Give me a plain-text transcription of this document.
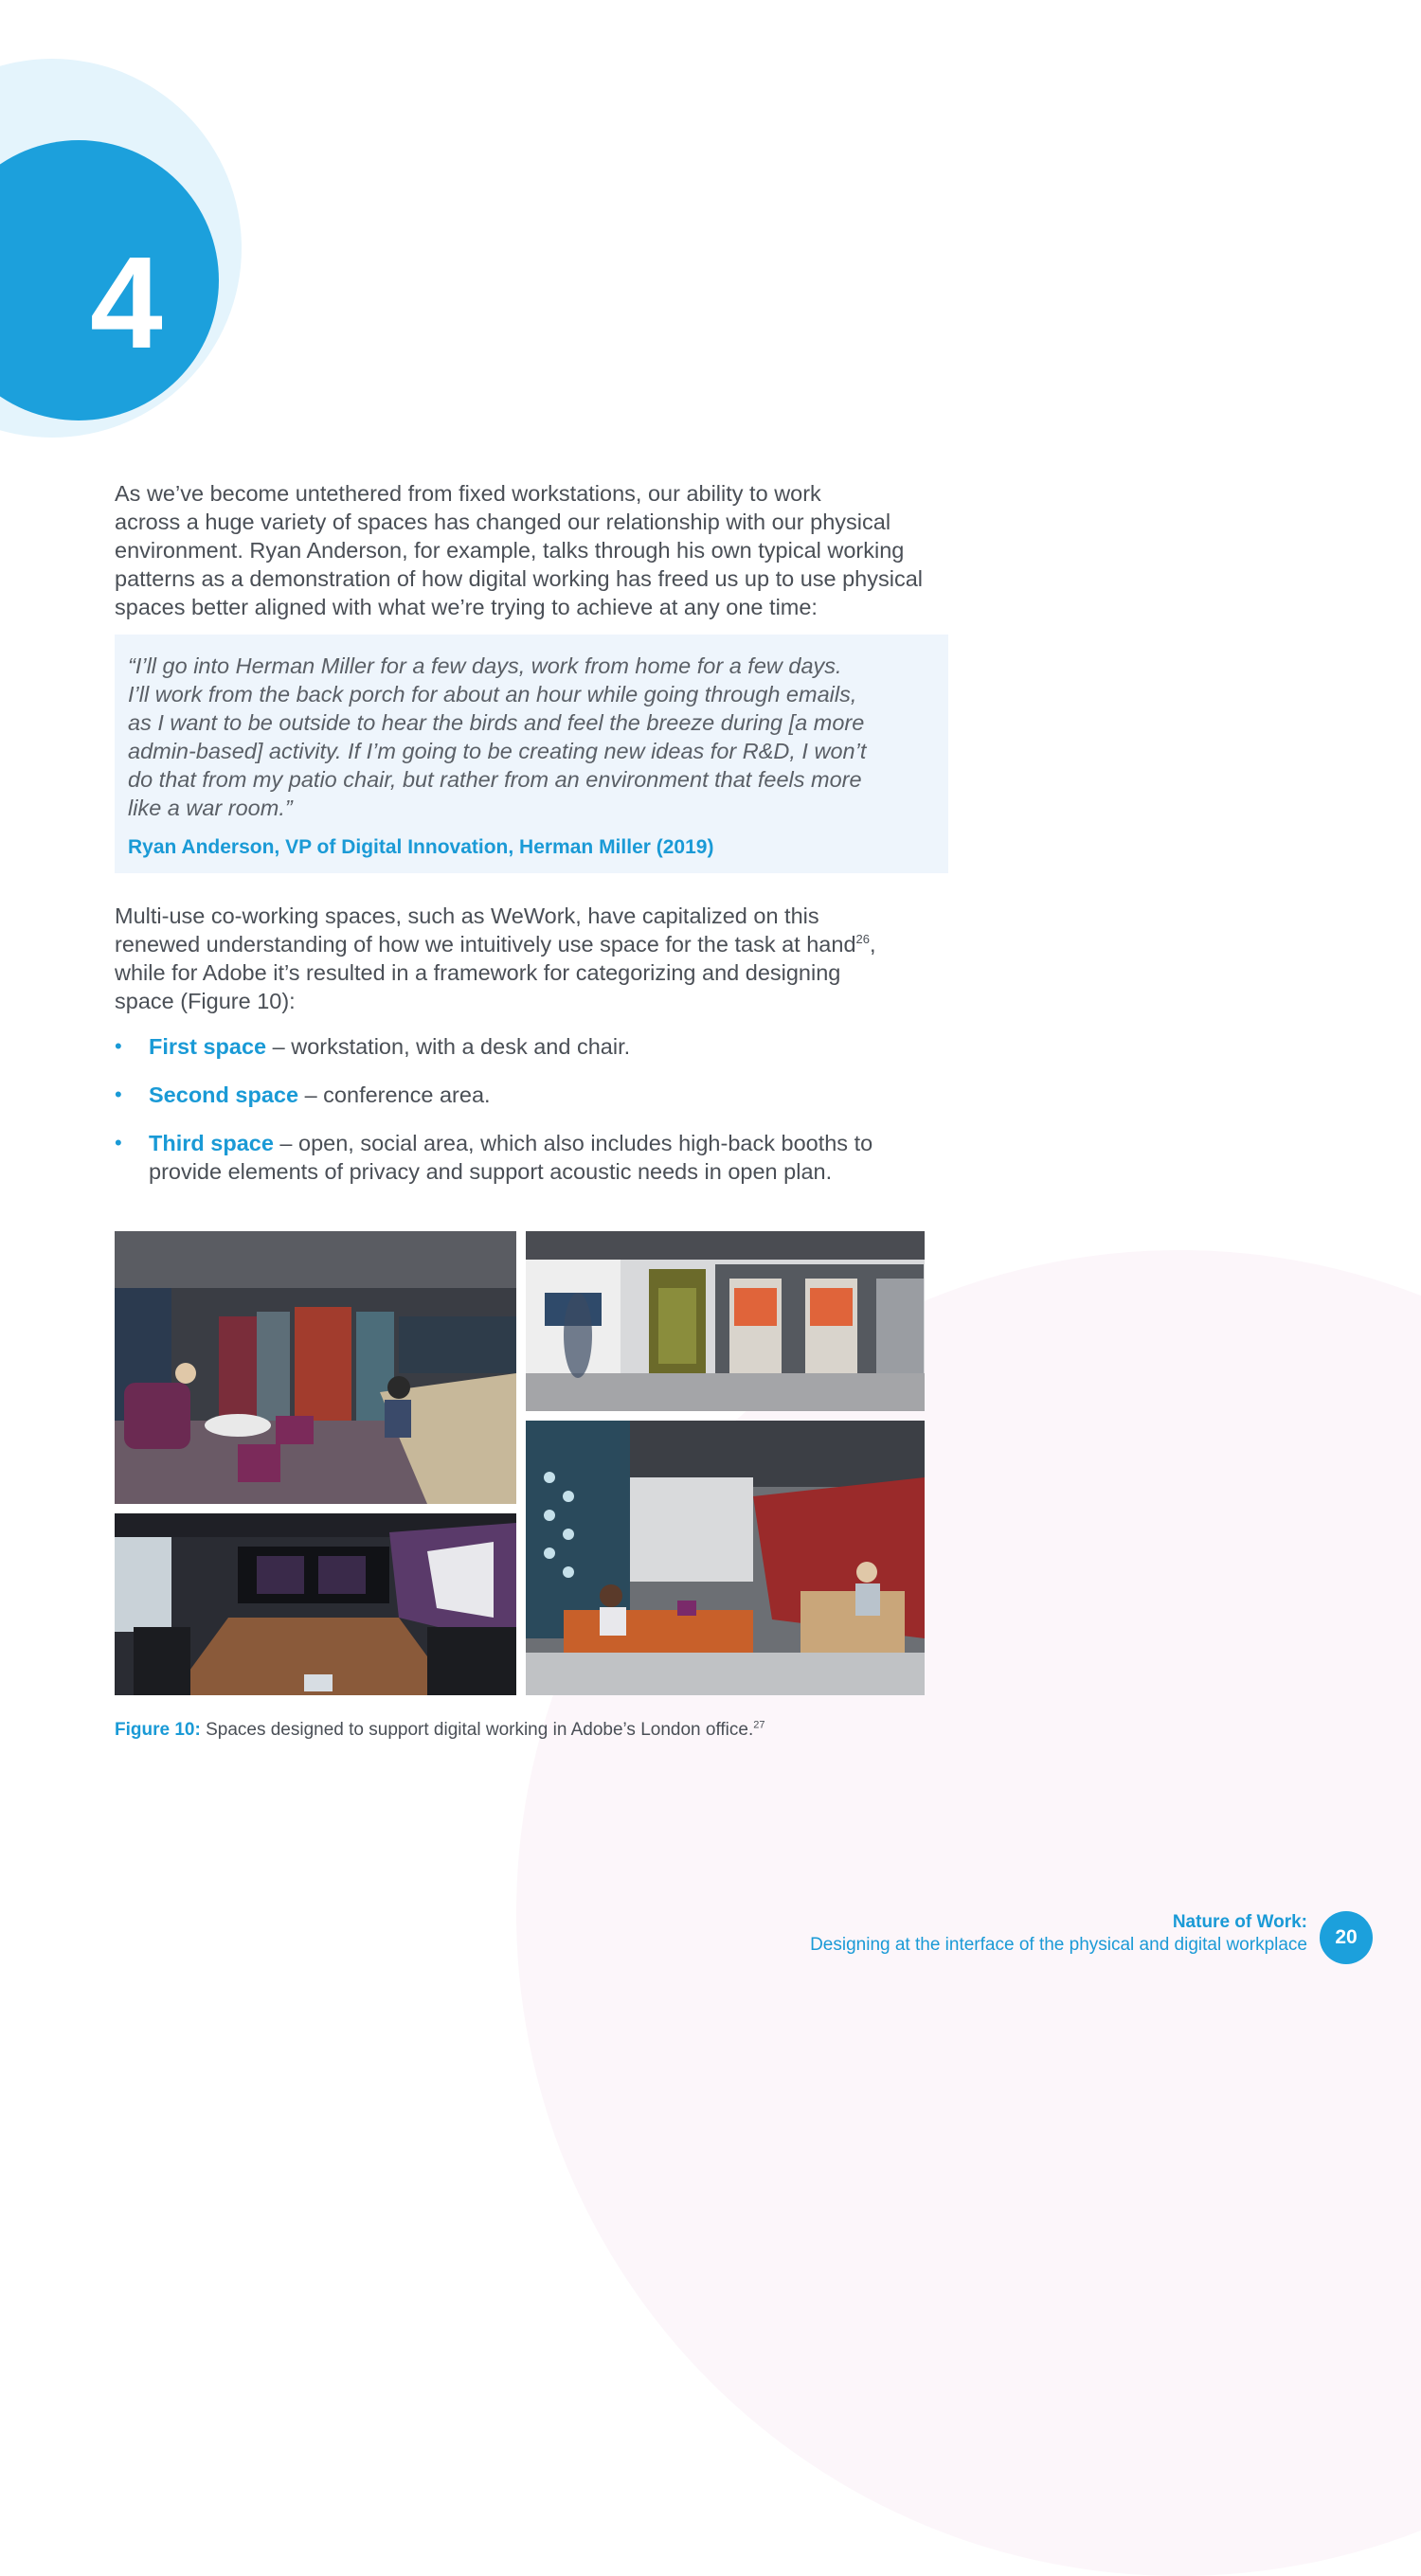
4

As we’ve become untethered from fixed workstations, our ability to work

across a huge variety of spaces has changed our relationship with our physical

environment. Ryan Anderson, for example, talks through his own typical working

patterns as a demonstration of how digital working has freed us up to use physical

spaces better aligned with what we’re trying to achieve at any one time:

“I’ll go into Herman Miller for a few days, work from home for a few days.
I’ll work from the back porch for about an hour while going through emails,
as I want to be outside to hear the birds and feel the breeze during [a more
admin-based] activity. If I’m going to be creating new ideas for R&D, I won’t
do that from my patio chair, but rather from an environment that feels more
like a war room.”
Ryan Anderson, VP of Digital Innovation, Herman Miller (2019)

Multi-use co-working spaces, such as WeWork, have capitalized on this

renewed understanding of how we intuitively use space for the task at hand$^{26}$,

while for Adobe it’s resulted in a framework for categorizing and designing

space (Figure 10):

• First space – workstation, with a desk and chair.
• Second space – conference area.
• Third space – open, social area, which also includes high-back booths to provide elements of privacy and support acoustic needs in open plan.
Figure 10: Spaces designed to support digital working in Adobe’s London office.$^{27}$
Nature of Work:
Designing at the interface of the physical and digital workplace	20
